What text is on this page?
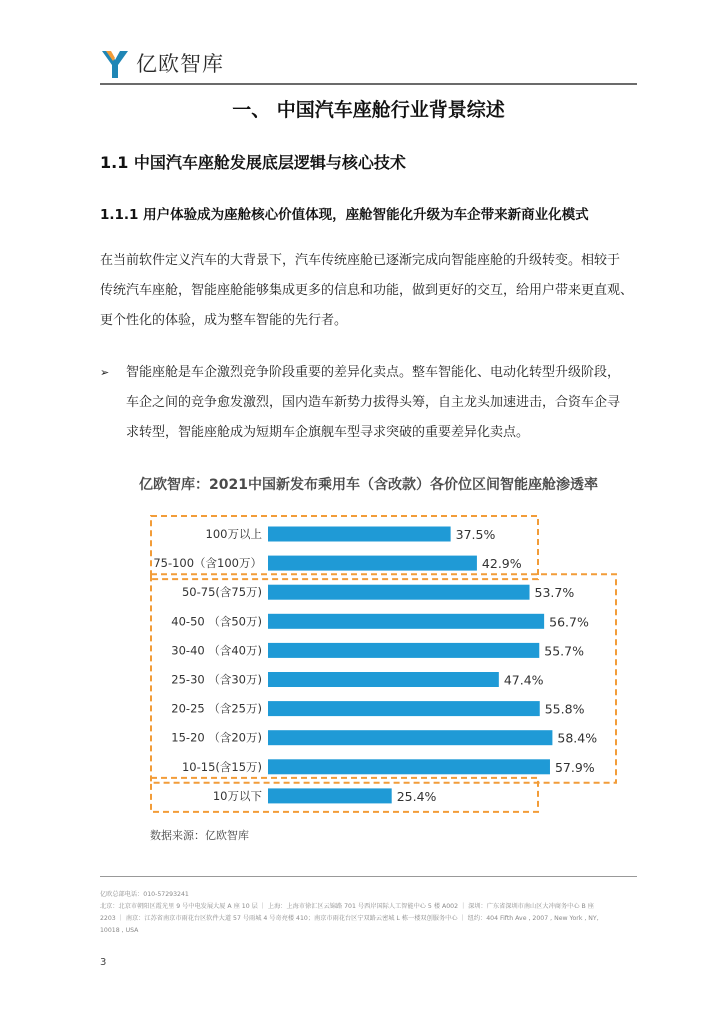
亿欧智库
一、 中国汽车座舱行业背景综述
1.1 中国汽车座舱发展底层逻辑与核心技术
1.1.1 用户体验成为座舱核心价值体现，座舱智能化升级为车企带来新商业化模式
在当前软件定义汽车的大背景下，汽车传统座舱已逐渐完成向智能座舱的升级转变。相较于
传统汽车座舱，智能座舱能够集成更多的信息和功能，做到更好的交互，给用户带来更直观、
更个性化的体验，成为整车智能的先行者。
➢ 智能座舱是车企激烈竞争阶段重要的差异化卖点。整车智能化、电动化转型升级阶段，
车企之间的竞争愈发激烈，国内造车新势力拔得头筹，自主龙头加速进击，合资车企寻
求转型，智能座舱成为短期车企旗舰车型寻求突破的重要差异化卖点。
亿欧智库：2021中国新发布乘用车（含改款）各价位区间智能座舱渗透率
100万以上	37.5%
75-100（含100万）	42.9%
50-75(含75万)	53.7%
40-50 （含50万)	56.7%
30-40 （含40万)	55.7%
25-30 （含30万)	47.4%
20-25 （含25万)	55.8%
15-20 （含20万)	58.4%
10-15(含15万)	57.9%
10万以下	25.4%
数据来源：亿欧智库
亿欧总部电话：010-57293241
北京：北京市朝阳区霞光里 9 号中电发展大厦 A 座 10 层 ｜ 上海：上海市徐汇区云锦路 701 号西岸国际人工智能中心 5 楼 A002 ｜ 深圳：广东省深圳市南山区大冲商务中心 B 座
2203 ｜ 南京：江苏省南京市雨花台区软件大道 57 号雨城 4 号奇亮楼 410；南京市雨花台区宁双路云密城 L 栋一楼双创服务中心 ｜ 纽约：404 Fifth Ave , 2007 , New York , NY,
10018 , USA
3
